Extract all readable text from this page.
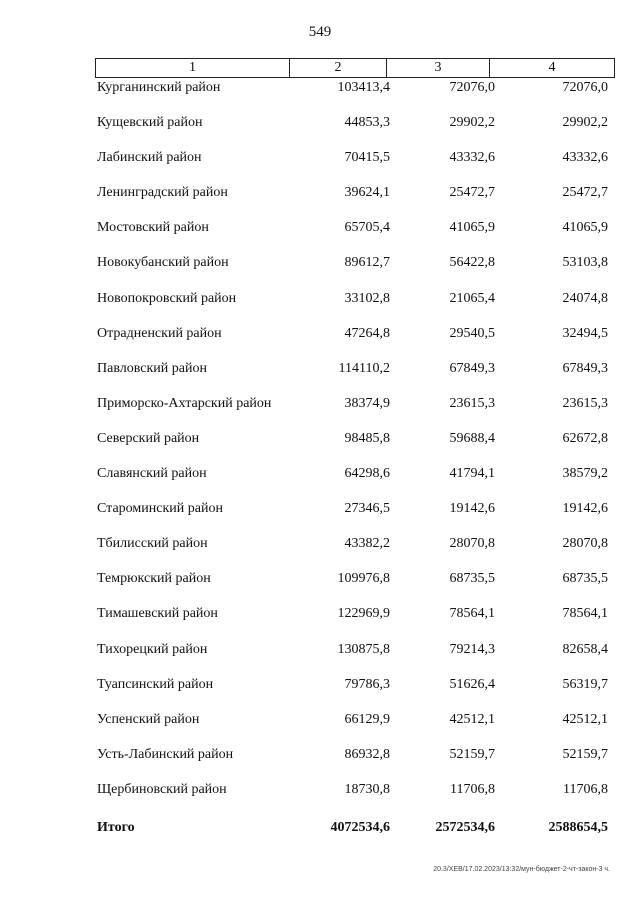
549
1	2	3	4
Курганинский район	103413,4	72076,0	72076,0
Кущевский район	44853,3	29902,2	29902,2
Лабинский район	70415,5	43332,6	43332,6
Ленинградский район	39624,1	25472,7	25472,7
Мостовский район	65705,4	41065,9	41065,9
Новокубанский район	89612,7	56422,8	53103,8
Новопокровский район	33102,8	21065,4	24074,8
Отрадненский район	47264,8	29540,5	32494,5
Павловский район	114110,2	67849,3	67849,3
Приморско-Ахтарский район	38374,9	23615,3	23615,3
Северский район	98485,8	59688,4	62672,8
Славянский район	64298,6	41794,1	38579,2
Староминский район	27346,5	19142,6	19142,6
Тбилисский район	43382,2	28070,8	28070,8
Темрюкский район	109976,8	68735,5	68735,5
Тимашевский район	122969,9	78564,1	78564,1
Тихорецкий район	130875,8	79214,3	82658,4
Туапсинский район	79786,3	51626,4	56319,7
Успенский район	66129,9	42512,1	42512,1
Усть-Лабинский район	86932,8	52159,7	52159,7
Щербиновский район	18730,8	11706,8	11706,8
Итого	4072534,6	2572534,6	2588654,5
20.3/ХЕВ/17.02.2023/13:32/мун-бюджет-2-чт-закон-3 ч.
